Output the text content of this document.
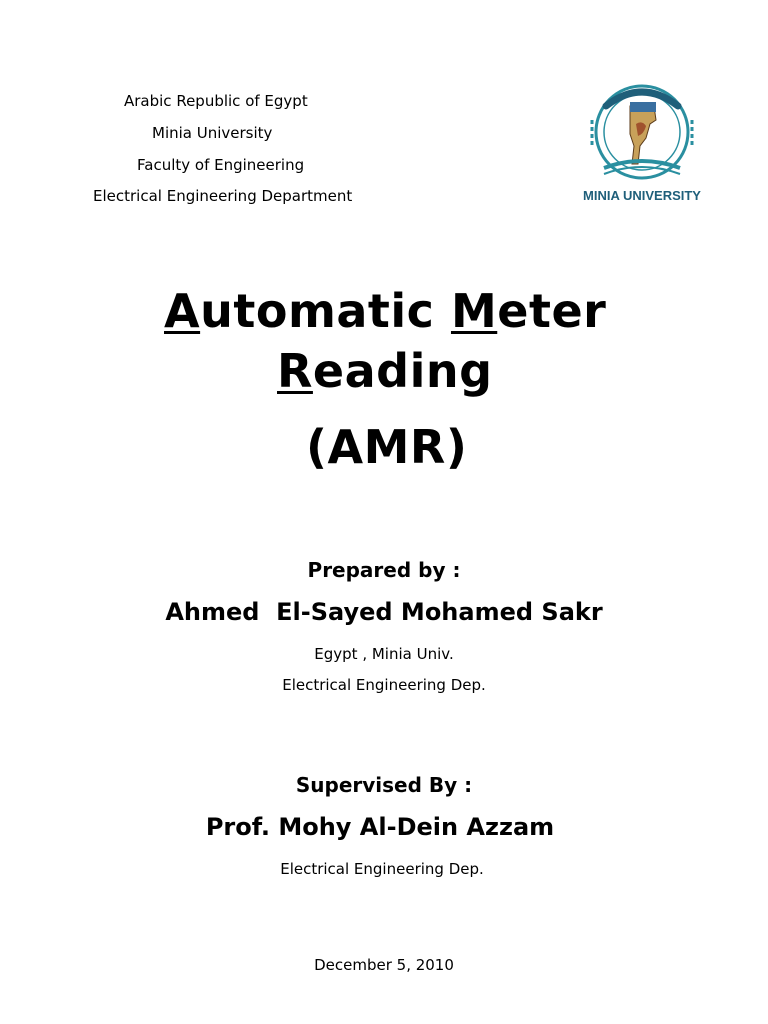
Arabic Republic of Egypt
Minia University
Faculty of Engineering
Electrical Engineering Department	MINIA UNIVERSITY
Automatic Meter
Reading
(AMR)
Prepared by :
Ahmed  El-Sayed Mohamed Sakr
Egypt , Minia Univ.
Electrical Engineering Dep.
Supervised By :
Prof. Mohy Al-Dein Azzam
Electrical Engineering Dep.
December 5, 2010
